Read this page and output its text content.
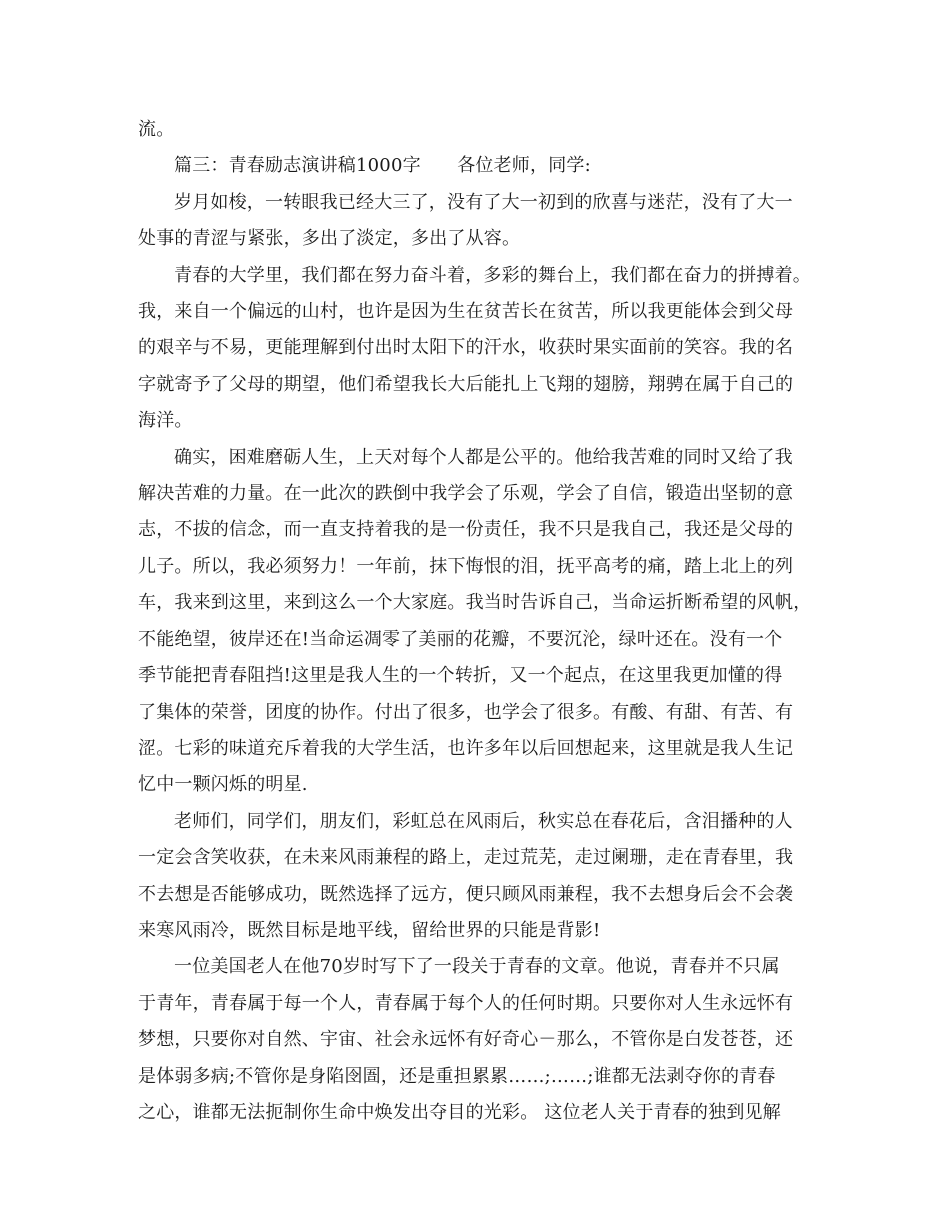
流。
篇三：青春励志演讲稿1000字　　各位老师，同学:
岁月如梭，一转眼我已经大三了，没有了大一初到的欣喜与迷茫，没有了大一
处事的青涩与紧张，多出了淡定，多出了从容。
青春的大学里，我们都在努力奋斗着，多彩的舞台上，我们都在奋力的拼搏着。
我，来自一个偏远的山村，也许是因为生在贫苦长在贫苦，所以我更能体会到父母
的艰辛与不易，更能理解到付出时太阳下的汗水，收获时果实面前的笑容。我的名
字就寄予了父母的期望，他们希望我长大后能扎上飞翔的翅膀，翔骋在属于自己的
海洋。
确实，困难磨砺人生，上天对每个人都是公平的。他给我苦难的同时又给了我
解决苦难的力量。在一此次的跌倒中我学会了乐观，学会了自信，锻造出坚韧的意
志，不拔的信念，而一直支持着我的是一份责任，我不只是我自己，我还是父母的
儿子。所以，我必须努力！一年前，抹下悔恨的泪，抚平高考的痛，踏上北上的列
车，我来到这里，来到这么一个大家庭。我当时告诉自己，当命运折断希望的风帆，
不能绝望，彼岸还在!当命运凋零了美丽的花瓣，不要沉沦，绿叶还在。没有一个
季节能把青春阻挡!这里是我人生的一个转折，又一个起点，在这里我更加懂的得
了集体的荣誉，团度的协作。付出了很多，也学会了很多。有酸、有甜、有苦、有
涩。七彩的味道充斥着我的大学生活，也许多年以后回想起来，这里就是我人生记
忆中一颗闪烁的明星.
老师们，同学们，朋友们，彩虹总在风雨后，秋实总在春花后，含泪播种的人
一定会含笑收获，在未来风雨兼程的路上，走过荒芜，走过阑珊，走在青春里，我
不去想是否能够成功，既然选择了远方，便只顾风雨兼程，我不去想身后会不会袭
来寒风雨冷，既然目标是地平线，留给世界的只能是背影!
一位美国老人在他70岁时写下了一段关于青春的文章。他说，青春并不只属
于青年，青春属于每一个人，青春属于每个人的任何时期。只要你对人生永远怀有
梦想，只要你对自然、宇宙、社会永远怀有好奇心－那么，不管你是白发苍苍，还
是体弱多病;不管你是身陷囹圄，还是重担累累……;……;谁都无法剥夺你的青春
之心，谁都无法扼制你生命中焕发出夺目的光彩。 这位老人关于青春的独到见解
